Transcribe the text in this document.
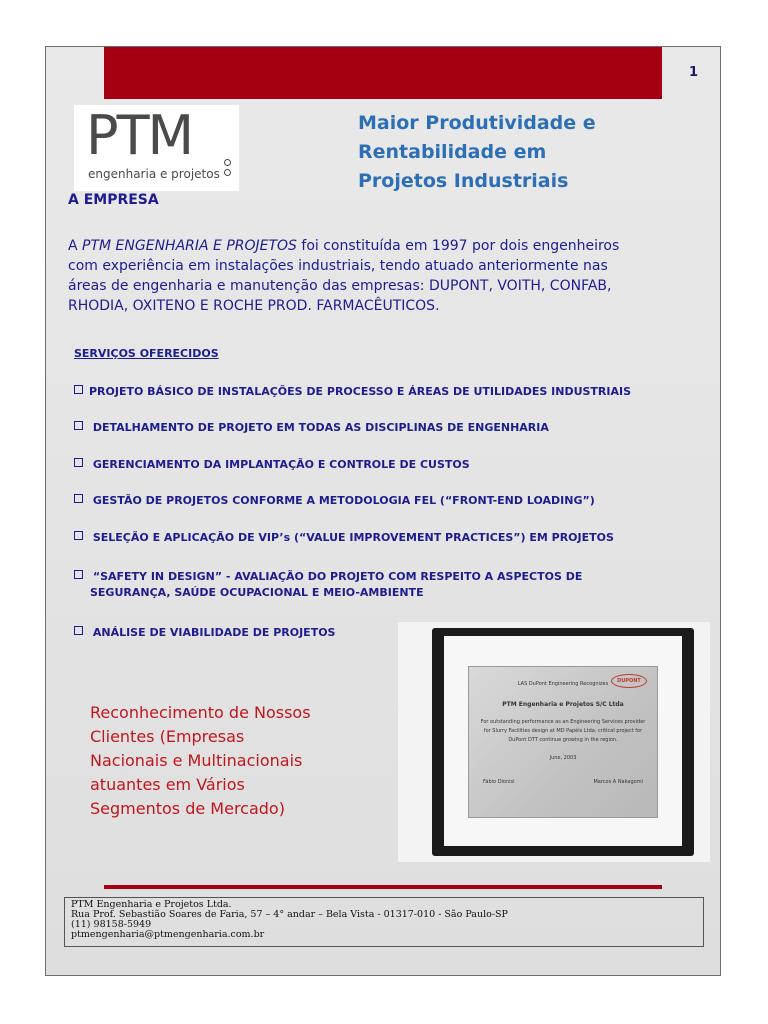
1
PTM
engenharia e projetos
Maior Produtividade e
Rentabilidade em
Projetos Industriais
A EMPRESA
A PTM ENGENHARIA E PROJETOS foi constituída em 1997 por dois engenheiros
com experiência em instalações industriais, tendo atuado anteriormente nas
áreas de engenharia e manutenção das empresas: DUPONT, VOITH, CONFAB,
RHODIA, OXITENO E ROCHE PROD. FARMACÊUTICOS.
SERVIÇOS OFERECIDOS
PROJETO BÁSICO DE INSTALAÇÕES DE PROCESSO E ÁREAS DE UTILIDADES INDUSTRIAIS
DETALHAMENTO DE PROJETO EM TODAS AS DISCIPLINAS DE ENGENHARIA
GERENCIAMENTO DA IMPLANTAÇÃO E CONTROLE DE CUSTOS
GESTÃO DE PROJETOS CONFORME A METODOLOGIA FEL (“FRONT-END LOADING”)
SELEÇÃO E APLICAÇÃO DE VIP’s (“VALUE IMPROVEMENT PRACTICES”) EM PROJETOS
“SAFETY IN DESIGN” - AVALIAÇÃO DO PROJETO COM RESPEITO A ASPECTOS DE
SEGURANÇA, SAÚDE OCUPACIONAL E MEIO-AMBIENTE
ANÁLISE DE VIABILIDADE DE PROJETOS
DUPONT
LAS DuPont Engineering Recognizes
PTM Engenharia e Projetos S/C Ltda
For outstanding performance as an Engineering Services provider
for Slurry Facilities design at MD Papéis Ltda, critical project for
DuPont DTT continue growing in the region.
June, 2003
Fábio Dionisi	Marcos A Nakagomi
Reconhecimento de Nossos
Clientes (Empresas
Nacionais e Multinacionais
atuantes em Vários
Segmentos de Mercado)
PTM Engenharia e Projetos Ltda.
Rua Prof. Sebastião Soares de Faria, 57 – 4° andar – Bela Vista - 01317-010 - São Paulo-SP
(11) 98158-5949
ptmengenharia@ptmengenharia.com.br
